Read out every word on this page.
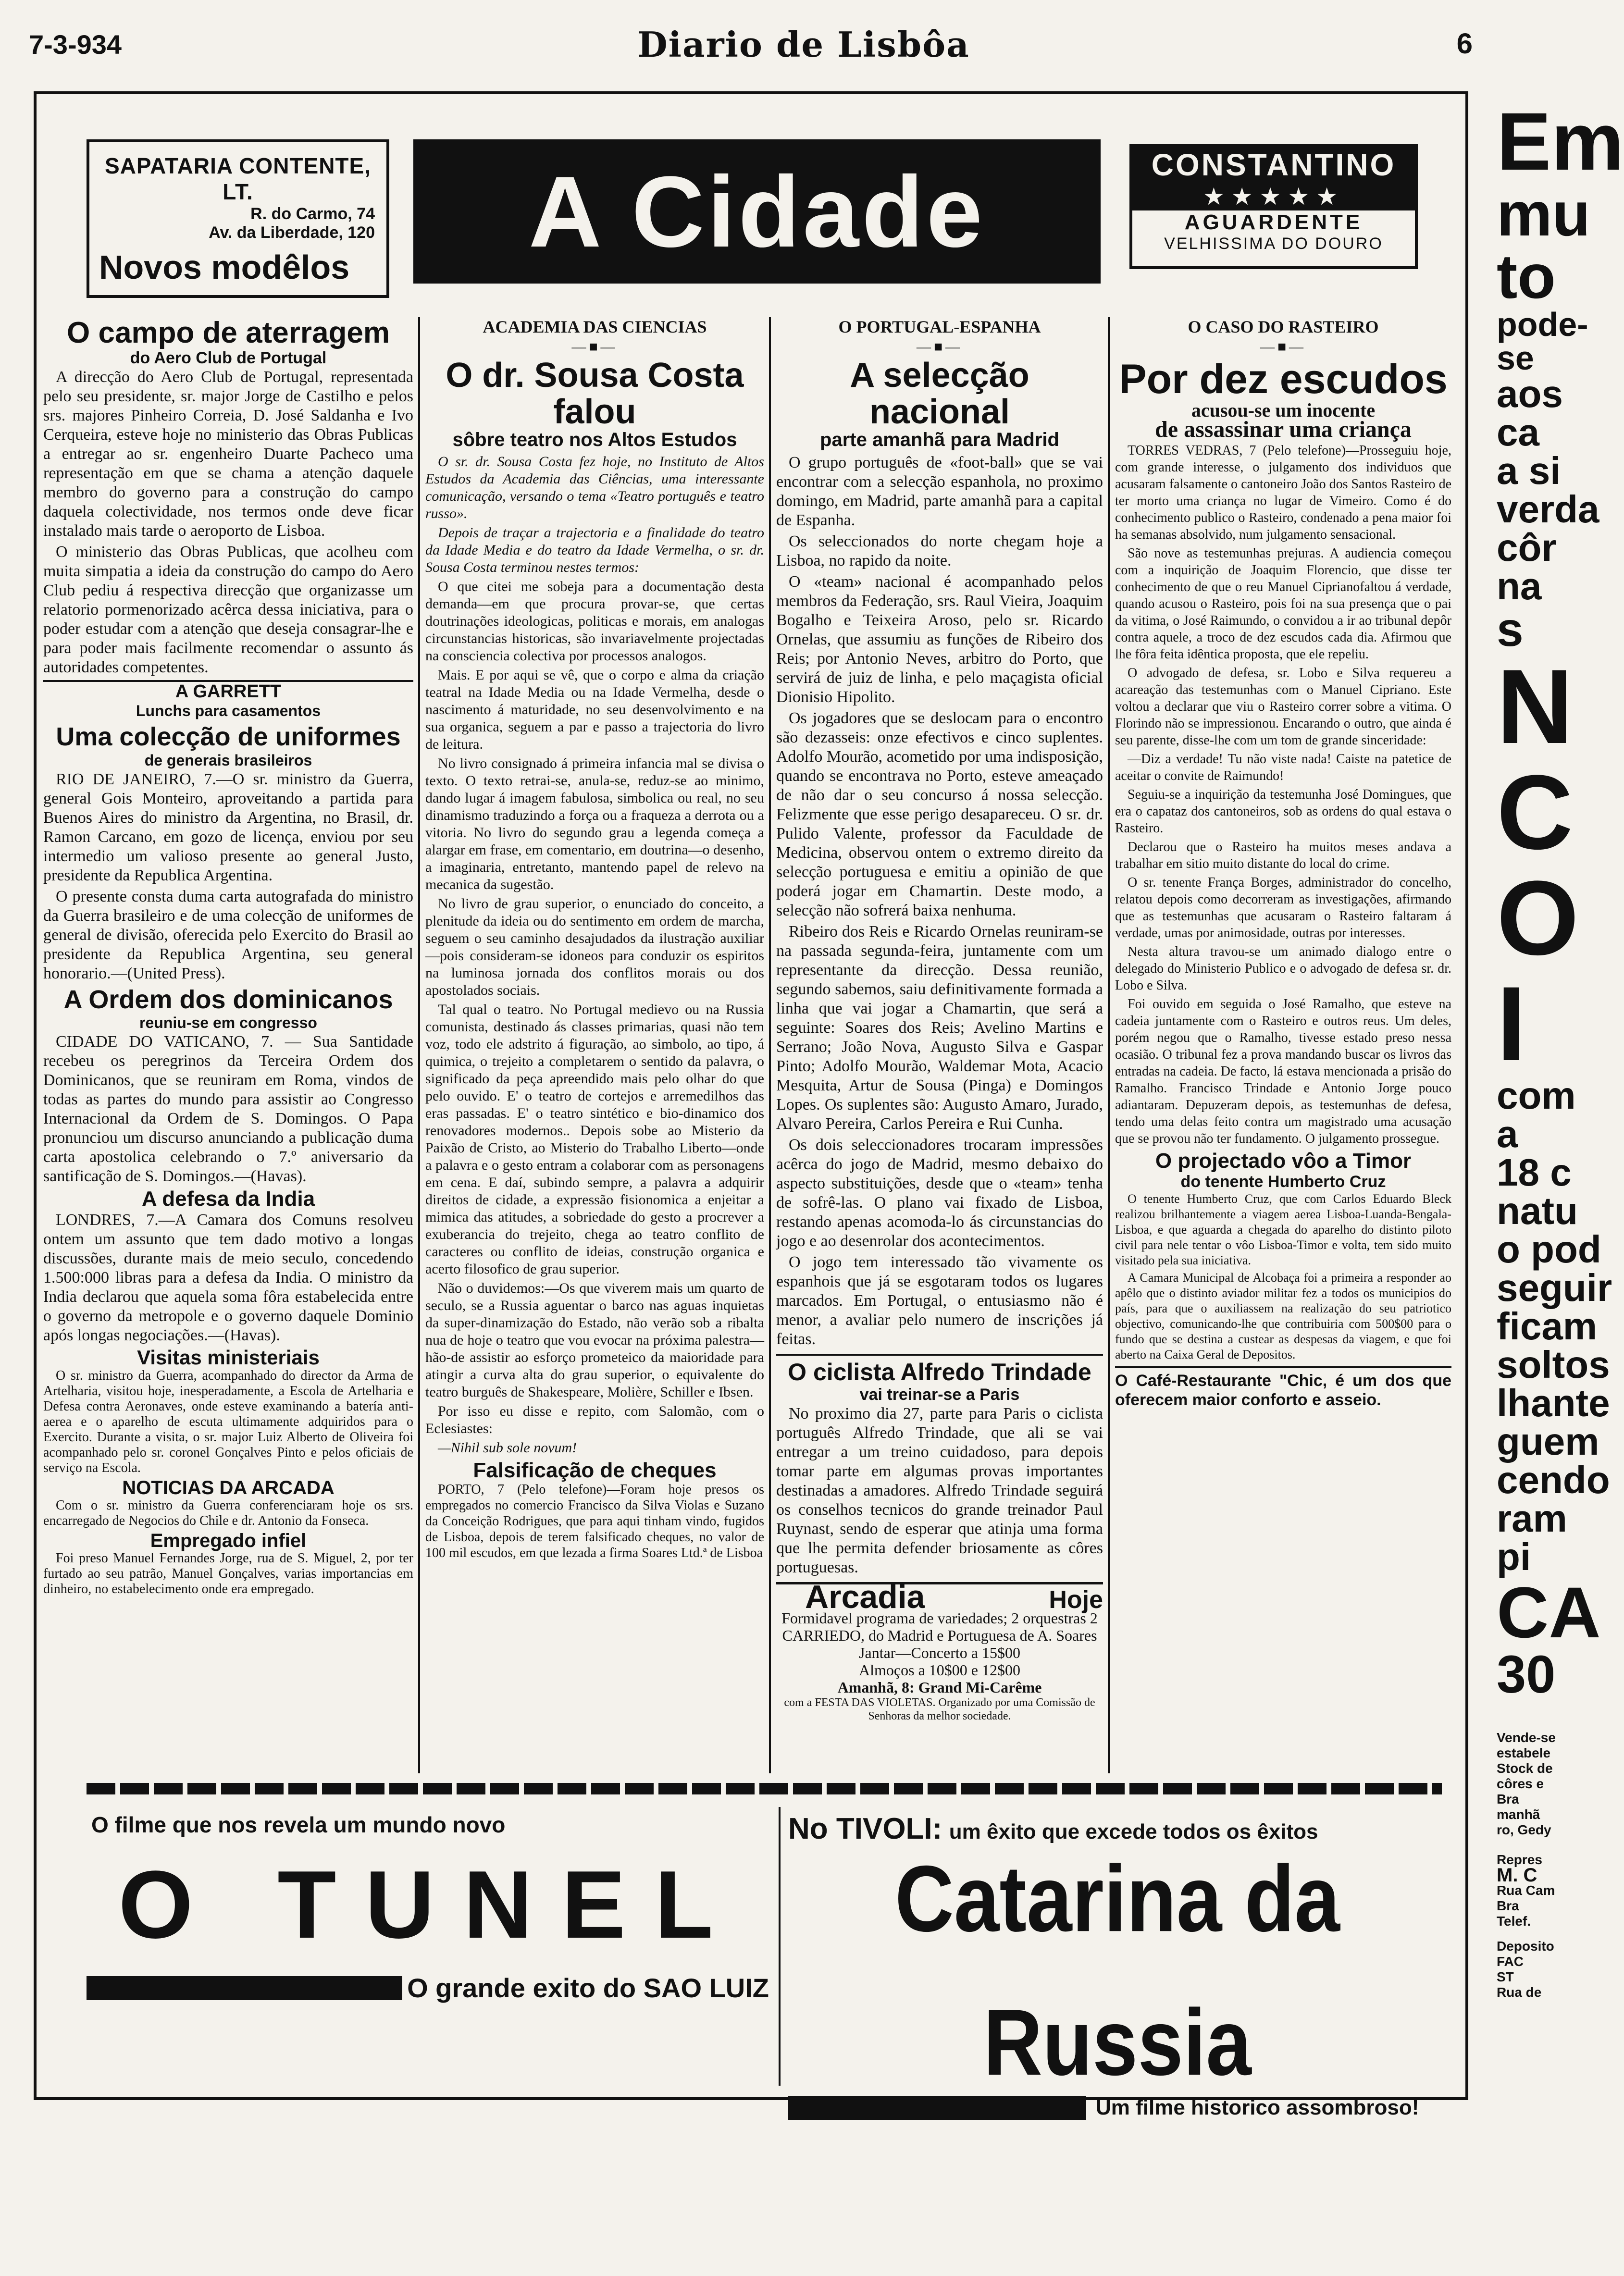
7-3-934	Diario de Lisbôa	6
SAPATARIA CONTENTE, LT.
R. do Carmo, 74
Av. da Liberdade, 120
Novos modêlos	A Cidade	CONSTANTINO
★★★★★
AGUARDENTE
VELHISSIMA DO DOURO
O campo de aterragem
do Aero Club de Portugal

A direcção do Aero Club de Portugal, representada pelo seu presidente, sr. major Jorge de Castilho e pelos srs. majores Pinheiro Correia, D. José Saldanha e Ivo Cerqueira, esteve hoje no ministerio das Obras Publicas a entregar ao sr. engenheiro Duarte Pacheco uma representação em que se chama a atenção daquele membro do governo para a construção do campo daquela colectividade, nos termos onde deve ficar instalado mais tarde o aeroporto de Lisboa.

O ministerio das Obras Publicas, que acolheu com muita simpatia a ideia da construção do campo do Aero Club pediu á respectiva direcção que organizasse um relatorio pormenorizado acêrca dessa iniciativa, para o poder estudar com a atenção que deseja consagrar-lhe e para poder mais facilmente recomendar o assunto ás autoridades competentes.

A GARRETT
Lunchs para casamentos
Uma colecção de uniformes
de generais brasileiros

RIO DE JANEIRO, 7.—O sr. ministro da Guerra, general Gois Monteiro, aproveitando a partida para Buenos Aires do ministro da Argentina, no Brasil, dr. Ramon Carcano, em gozo de licença, enviou por seu intermedio um valioso presente ao general Justo, presidente da Republica Argentina.

O presente consta duma carta autografada do ministro da Guerra brasileiro e de uma colecção de uniformes de general de divisão, oferecida pelo Exercito do Brasil ao presidente da Republica Argentina, seu general honorario.—(United Press).

A Ordem dos dominicanos
reuniu-se em congresso

CIDADE DO VATICANO, 7. — Sua Santidade recebeu os peregrinos da Terceira Ordem dos Dominicanos, que se reuniram em Roma, vindos de todas as partes do mundo para assistir ao Congresso Internacional da Ordem de S. Domingos. O Papa pronunciou um discurso anunciando a publicação duma carta apostolica celebrando o 7.º aniversario da santificação de S. Domingos.—(Havas).

A defesa da India

LONDRES, 7.—A Camara dos Comuns resolveu ontem um assunto que tem dado motivo a longas discussões, durante mais de meio seculo, concedendo 1.500:000 libras para a defesa da India. O ministro da India declarou que aquela soma fôra estabelecida entre o governo da metropole e o governo daquele Dominio após longas negociações.—(Havas).

Visitas ministeriais

O sr. ministro da Guerra, acompanhado do director da Arma de Artelharia, visitou hoje, inesperadamente, a Escola de Artelharia e Defesa contra Aeronaves, onde esteve examinando a batería anti-aerea e o aparelho de escuta ultimamente adquiridos para o Exercito. Durante a visita, o sr. major Luiz Alberto de Oliveira foi acompanhado pelo sr. coronel Gonçalves Pinto e pelos oficiais de serviço na Escola.

NOTICIAS DA ARCADA

Com o sr. ministro da Guerra conferenciaram hoje os srs. encarregado de Negocios do Chile e dr. Antonio da Fonseca.

Empregado infiel

Foi preso Manuel Fernandes Jorge, rua de S. Miguel, 2, por ter furtado ao seu patrão, Manuel Gonçalves, varias importancias em dinheiro, no estabelecimento onde era empregado.

ACADEMIA DAS CIENCIAS
—■—
O dr. Sousa Costa falou
sôbre teatro nos Altos Estudos

O sr. dr. Sousa Costa fez hoje, no Instituto de Altos Estudos da Academia das Ciências, uma interessante comunicação, versando o tema «Teatro português e teatro russo».

Depois de traçar a trajectoria e a finalidade do teatro da Idade Media e do teatro da Idade Vermelha, o sr. dr. Sousa Costa terminou nestes termos:

O que citei me sobeja para a documentação desta demanda—em que procura provar-se, que certas doutrinações ideologicas, politicas e morais, em analogas circunstancias historicas, são invariavelmente projectadas na consciencia colectiva por processos analogos.

Mais. E por aqui se vê, que o corpo e alma da criação teatral na Idade Media ou na Idade Vermelha, desde o nascimento á maturidade, no seu desenvolvimento e na sua organica, seguem a par e passo a trajectoria do livro de leitura.

No livro consignado á primeira infancia mal se divisa o texto. O texto retrai-se, anula-se, reduz-se ao minimo, dando lugar á imagem fabulosa, simbolica ou real, no seu dinamismo traduzindo a força ou a fraqueza a derrota ou a vitoria. No livro do segundo grau a legenda começa a alargar em frase, em comentario, em doutrina—o desenho, a imaginaria, entretanto, mantendo papel de relevo na mecanica da sugestão.

No livro de grau superior, o enunciado do conceito, a plenitude da ideia ou do sentimento em ordem de marcha, seguem o seu caminho desajudados da ilustração auxiliar—pois consideram-se idoneos para conduzir os espiritos na luminosa jornada dos conflitos morais ou dos apostolados sociais.

Tal qual o teatro. No Portugal medievo ou na Russia comunista, destinado ás classes primarias, quasi não tem voz, todo ele adstrito á figuração, ao simbolo, ao tipo, á quimica, o trejeito a completarem o sentido da palavra, o significado da peça apreendido mais pelo olhar do que pelo ouvido. E' o teatro de cortejos e arremedilhos das eras passadas. E' o teatro sintético e bio-dinamico dos renovadores modernos.. Depois sobe ao Misterio da Paixão de Cristo, ao Misterio do Trabalho Liberto—onde a palavra e o gesto entram a colaborar com as personagens em cena. E daí, subindo sempre, a palavra a adquirir direitos de cidade, a expressão fisionomica a enjeitar a mimica das atitudes, a sobriedade do gesto a procrever a exuberancia do trejeito, chega ao teatro conflito de caracteres ou conflito de ideias, construção organica e acerto filosofico de grau superior.

Não o duvidemos:—Os que viverem mais um quarto de seculo, se a Russia aguentar o barco nas aguas inquietas da super-dinamização do Estado, não verão sob a ribalta nua de hoje o teatro que vou evocar na próxima palestra—hão-de assistir ao esforço prometeico da maioridade para atingir a curva alta do grau superior, o equivalente do teatro burguês de Shakespeare, Molière, Schiller e Ibsen.

Por isso eu disse e repito, com Salomão, com o Eclesiastes:

—Nihil sub sole novum!

Falsificação de cheques

PORTO, 7 (Pelo telefone)—Foram hoje presos os empregados no comercio Francisco da Silva Violas e Suzano da Conceição Rodrigues, que para aqui tinham vindo, fugidos de Lisboa, depois de terem falsificado cheques, no valor de 100 mil escudos, em que lezada a firma Soares Ltd.ª de Lisboa

O PORTUGAL-ESPANHA
—■—
A selecção nacional
parte amanhã para Madrid

O grupo português de «foot-ball» que se vai encontrar com a selecção espanhola, no proximo domingo, em Madrid, parte amanhã para a capital de Espanha.

Os seleccionados do norte chegam hoje a Lisboa, no rapido da noite.

O «team» nacional é acompanhado pelos membros da Federação, srs. Raul Vieira, Joaquim Bogalho e Teixeira Aroso, pelo sr. Ricardo Ornelas, que assumiu as funções de Ribeiro dos Reis; por Antonio Neves, arbitro do Porto, que servirá de juiz de linha, e pelo maçagista oficial Dionisio Hipolito.

Os jogadores que se deslocam para o encontro são dezasseis: onze efectivos e cinco suplentes. Adolfo Mourão, acometido por uma indisposição, quando se encontrava no Porto, esteve ameaçado de não dar o seu concurso á nossa selecção. Felizmente que esse perigo desapareceu. O sr. dr. Pulido Valente, professor da Faculdade de Medicina, observou ontem o extremo direito da selecção portuguesa e emitiu a opinião de que poderá jogar em Chamartin. Deste modo, a selecção não sofrerá baixa nenhuma.

Ribeiro dos Reis e Ricardo Ornelas reuniram-se na passada segunda-feira, juntamente com um representante da direcção. Dessa reunião, segundo sabemos, saiu definitivamente formada a linha que vai jogar a Chamartin, que será a seguinte: Soares dos Reis; Avelino Martins e Serrano; João Nova, Augusto Silva e Gaspar Pinto; Adolfo Mourão, Waldemar Mota, Acacio Mesquita, Artur de Sousa (Pinga) e Domingos Lopes. Os suplentes são: Augusto Amaro, Jurado, Alvaro Pereira, Carlos Pereira e Rui Cunha.

Os dois seleccionadores trocaram impressões acêrca do jogo de Madrid, mesmo debaixo do aspecto substituições, desde que o «team» tenha de sofrê-las. O plano vai fixado de Lisboa, restando apenas acomoda-lo ás circunstancias do jogo e ao desenrolar dos acontecimentos.

O jogo tem interessado tão vivamente os espanhois que já se esgotaram todos os lugares marcados. Em Portugal, o entusiasmo não é menor, a avaliar pelo numero de inscrições já feitas.

O ciclista Alfredo Trindade
vai treinar-se a Paris

No proximo dia 27, parte para Paris o ciclista português Alfredo Trindade, que ali se vai entregar a um treino cuidadoso, para depois tomar parte em algumas provas importantes destinadas a amadores. Alfredo Trindade seguirá os conselhos tecnicos do grande treinador Paul Ruynast, sendo de esperar que atinja uma forma que lhe permita defender briosamente as côres portuguesas.

Arcadia	Hoje
Formidavel programa de variedades; 2 orquestras 2 CARRIEDO, do Madrid e Portuguesa de A. Soares
Jantar—Concerto a 15$00
Almoços a 10$00 e 12$00
Amanhã, 8: Grand Mi-Carême
com a FESTA DAS VIOLETAS. Organizado por uma Comissão de Senhoras da melhor sociedade.
O CASO DO RASTEIRO
—■—
Por dez escudos
acusou-se um inocente
de assassinar uma criança

TORRES VEDRAS, 7 (Pelo telefone)—Prosseguiu hoje, com grande interesse, o julgamento dos individuos que acusaram falsamente o cantoneiro João dos Santos Rasteiro de ter morto uma criança no lugar de Vimeiro. Como é do conhecimento publico o Rasteiro, condenado a pena maior foi ha semanas absolvido, num julgamento sensacional.

São nove as testemunhas prejuras. A audiencia começou com a inquirição de Joaquim Florencio, que disse ter conhecimento de que o reu Manuel Ciprianofaltou á verdade, quando acusou o Rasteiro, pois foi na sua presença que o pai da vitima, o José Raimundo, o convidou a ir ao tribunal depôr contra aquele, a troco de dez escudos cada dia. Afirmou que lhe fôra feita idêntica proposta, que ele repeliu.

O advogado de defesa, sr. Lobo e Silva requereu a acareação das testemunhas com o Manuel Cipriano. Este voltou a declarar que viu o Rasteiro correr sobre a vitima. O Florindo não se impressionou. Encarando o outro, que ainda é seu parente, disse-lhe com um tom de grande sinceridade:

—Diz a verdade! Tu não viste nada! Caiste na patetice de aceitar o convite de Raimundo!

Seguiu-se a inquirição da testemunha José Domingues, que era o capataz dos cantoneiros, sob as ordens do qual estava o Rasteiro.

Declarou que o Rasteiro ha muitos meses andava a trabalhar em sitio muito distante do local do crime.

O sr. tenente França Borges, administrador do concelho, relatou depois como decorreram as investigações, afirmando que as testemunhas que acusaram o Rasteiro faltaram á verdade, umas por animosidade, outras por interesses.

Nesta altura travou-se um animado dialogo entre o delegado do Ministerio Publico e o advogado de defesa sr. dr. Lobo e Silva.

Foi ouvido em seguida o José Ramalho, que esteve na cadeia juntamente com o Rasteiro e outros reus. Um deles, porém negou que o Ramalho, tivesse estado preso nessa ocasião. O tribunal fez a prova mandando buscar os livros das entradas na cadeia. De facto, lá estava mencionada a prisão do Ramalho. Francisco Trindade e Antonio Jorge pouco adiantaram. Depuzeram depois, as testemunhas de defesa, tendo uma delas feito contra um magistrado uma acusação que se provou não ter fundamento. O julgamento prossegue.

O projectado vôo a Timor
do tenente Humberto Cruz

O tenente Humberto Cruz, que com Carlos Eduardo Bleck realizou brilhantemente a viagem aerea Lisboa-Luanda-Bengala-Lisboa, e que aguarda a chegada do aparelho do distinto piloto civil para nele tentar o vôo Lisboa-Timor e volta, tem sido muito visitado pela sua iniciativa.

A Camara Municipal de Alcobaça foi a primeira a responder ao apêlo que o distinto aviador militar fez a todos os municipios do país, para que o auxiliassem na realização do seu patriotico objectivo, comunicando-lhe que contribuiria com 500$00 para o fundo que se destina a custear as despesas da viagem, e que foi aberto na Caixa Geral de Depositos.

O Café-Restaurante "Chic, é um dos que oferecem maior conforto e asseio.
O filme que nos revela um mundo novo
O TUNEL
O grande exito do SAO LUIZ
No TIVOLI: um êxito que excede todos os êxitos
Catarina da Russia
Um filme historico assombroso!
Em
mu
to
pode-se
aos ca
a si
verda
côr na
s
N
C
O
I
com a
18 c
natu
o pod
seguir
ficam
soltos
lhante
guem
cendo
ram pi
CA
30
Vende-se
estabele
Stock de
côres e
Bra
manhã
ro, Gedy
Repres
M. C
Rua Cam
Bra
Telef.
Deposito
FAC
ST
Rua de
